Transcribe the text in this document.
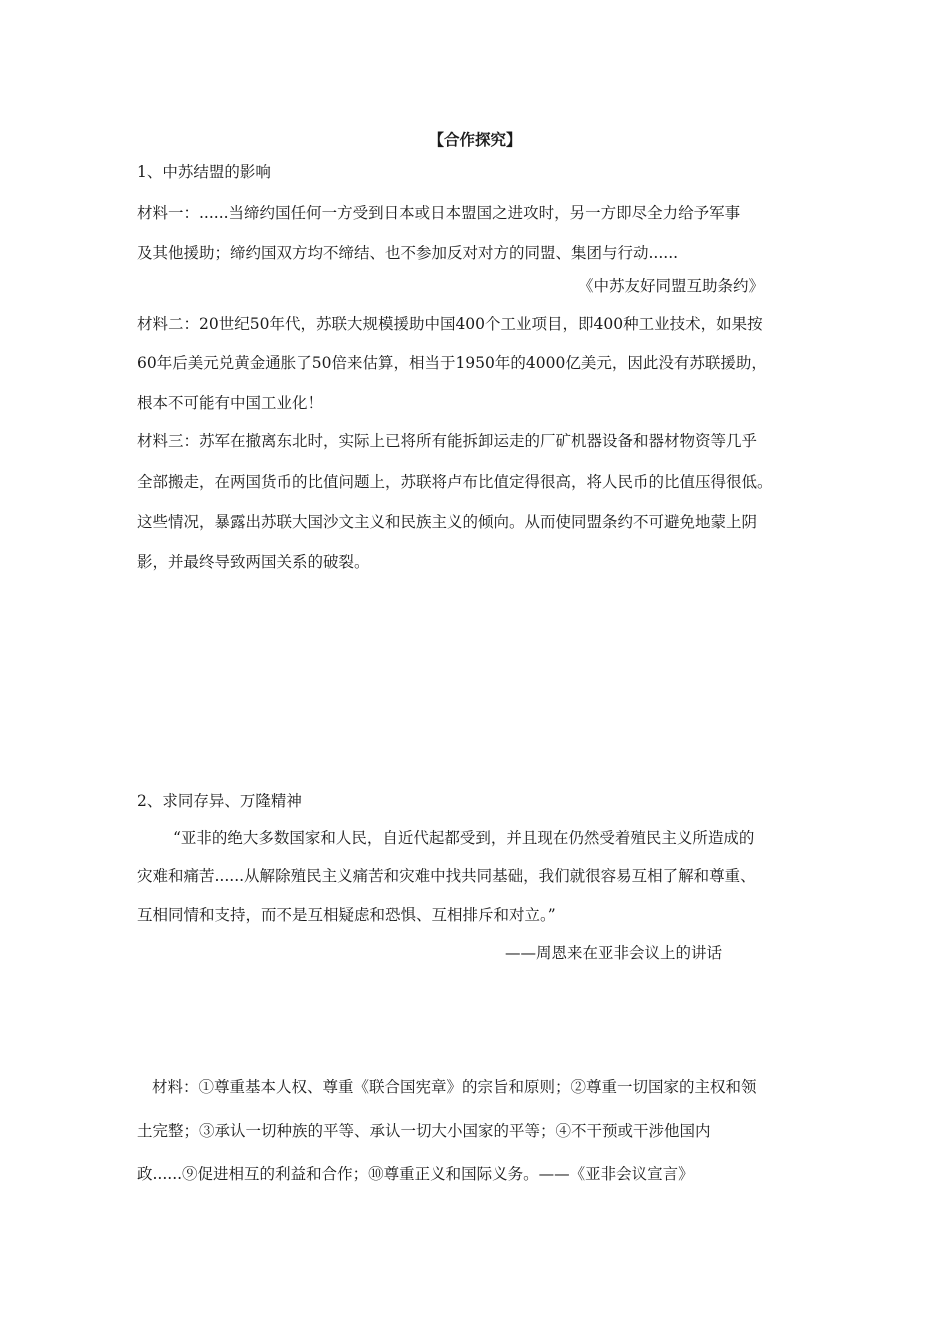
【合作探究】
1、中苏结盟的影响
材料一：......当缔约国任何一方受到日本或日本盟国之进攻时，另一方即尽全力给予军事
及其他援助；缔约国双方均不缔结、也不参加反对对方的同盟、集团与行动......
《中苏友好同盟互助条约》
材料二：20世纪50年代，苏联大规模援助中国400个工业项目，即400种工业技术，如果按
60年后美元兑黄金通胀了50倍来估算，相当于1950年的4000亿美元，因此没有苏联援助，
根本不可能有中国工业化！
材料三：苏军在撤离东北时，实际上已将所有能拆卸运走的厂矿机器设备和器材物资等几乎
全部搬走，在两国货币的比值问题上，苏联将卢布比值定得很高，将人民币的比值压得很低。
这些情况，暴露出苏联大国沙文主义和民族主义的倾向。从而使同盟条约不可避免地蒙上阴
影，并最终导致两国关系的破裂。
2、求同存异、万隆精神
“亚非的绝大多数国家和人民，自近代起都受到，并且现在仍然受着殖民主义所造成的
灾难和痛苦......从解除殖民主义痛苦和灾难中找共同基础，我们就很容易互相了解和尊重、
互相同情和支持，而不是互相疑虑和恐惧、互相排斥和对立。”
——周恩来在亚非会议上的讲话
材料：①尊重基本人权、尊重《联合国宪章》的宗旨和原则；②尊重一切国家的主权和领
土完整；③承认一切种族的平等、承认一切大小国家的平等；④不干预或干涉他国内
政......⑨促进相互的利益和合作；⑩尊重正义和国际义务。——《亚非会议宣言》
